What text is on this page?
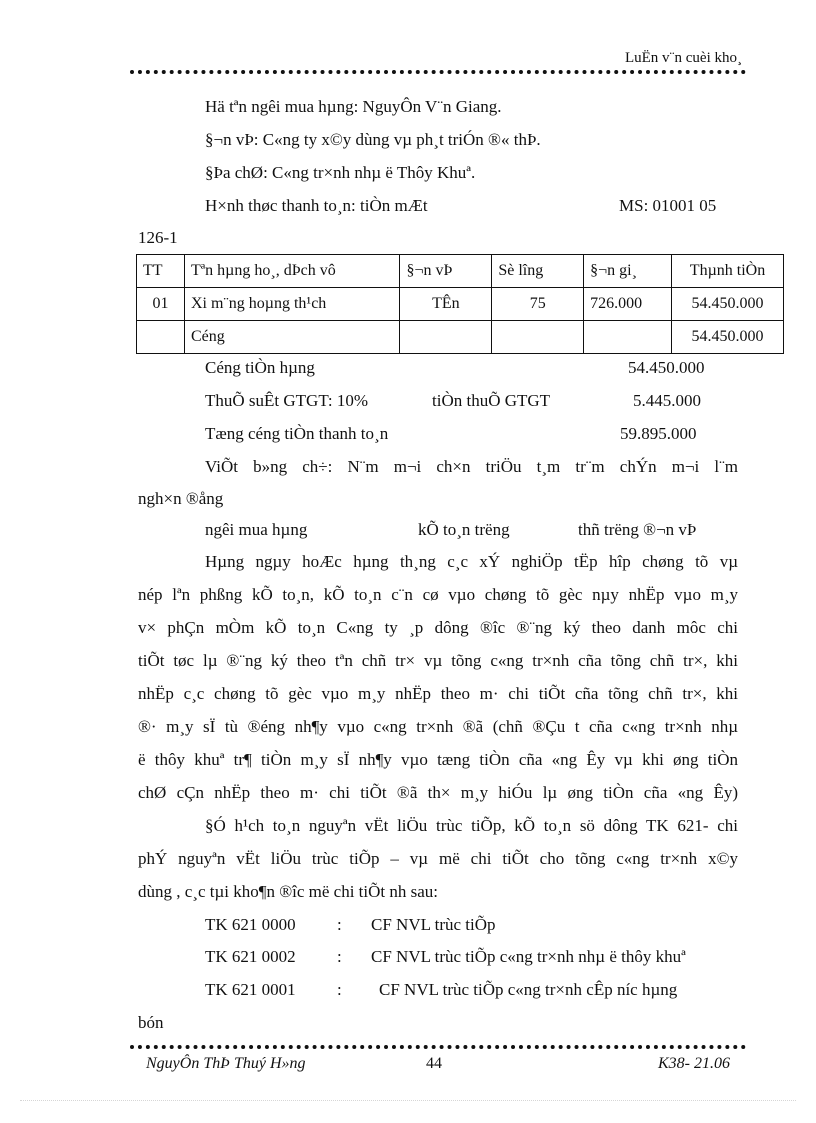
LuËn v¨n cuèi kho¸
Hä tªn ngêi mua hµng: NguyÔn V¨n Giang.
§¬n vÞ: C«ng ty x©y dùng vµ ph¸t triÓn ®« thÞ.
§Þa chØ: C«ng tr×nh nhµ ë Thôy Khuª.
H×nh thøc thanh to¸n: tiÒn mÆt	MS: 01001 05
126-1
TT	Tªn hµng ho¸, dÞch vô	§¬n vÞ	Sè lîng	§¬n gi¸	Thµnh tiÒn
01	Xi m¨ng hoµng th¹ch	TÊn	75	726.000	54.450.000
	Céng				54.450.000
Céng tiÒn hµng	54.450.000
ThuÕ suÊt GTGT: 10%	tiÒn thuÕ GTGT	5.445.000
Tæng céng tiÒn thanh to¸n	59.895.000
ViÕt b»ng ch÷: N¨m m¬i ch×n triÖu t¸m tr¨m chÝn m¬i l¨m
ngh×n ®ång
ngêi mua hµng	kÕ to¸n trëng	thñ trëng ®¬n vÞ
Hµng ngµy hoÆc hµng th¸ng c¸c xÝ nghiÖp tËp hîp chøng tõ vµ
nép lªn phßng kÕ to¸n, kÕ to¸n c¨n cø vµo chøng tõ gèc nµy nhËp vµo m¸y
v× phÇn mÒm kÕ to¸n C«ng ty ¸p dông ®îc ®¨ng ký theo danh môc chi
tiÕt tøc lµ ®¨ng ký theo tªn chñ tr× vµ tõng c«ng tr×nh cña tõng chñ tr×, khi
nhËp c¸c chøng tõ gèc vµo m¸y nhËp theo m· chi tiÕt cña tõng chñ tr×, khi
®· m¸y sÏ tù ®éng nh¶y vµo c«ng tr×nh ®ã (chñ ®Çu t cña c«ng tr×nh nhµ
ë thôy khuª tr¶ tiÒn m¸y sÏ nh¶y vµo tæng tiÒn cña «ng Êy vµ khi øng tiÒn
chØ cÇn nhËp theo m· chi tiÕt ®ã th× m¸y hiÓu lµ øng tiÒn cña «ng Êy)
§Ó h¹ch to¸n nguyªn vËt liÖu trùc tiÕp, kÕ to¸n sö dông TK 621- chi
phÝ nguyªn vËt liÖu trùc tiÕp – vµ më chi tiÕt cho tõng c«ng tr×nh x©y
dùng , c¸c tµi kho¶n ®îc më chi tiÕt nh sau:
TK 621 0000 : CF NVL trùc tiÕp
TK 621 0002 : CF NVL trùc tiÕp c«ng tr×nh nhµ ë thôy khuª
TK 621 0001 : CF NVL trùc tiÕp c«ng tr×nh cÊp níc hµng
bón
NguyÔn ThÞ Thuý H»ng	44	K38- 21.06
